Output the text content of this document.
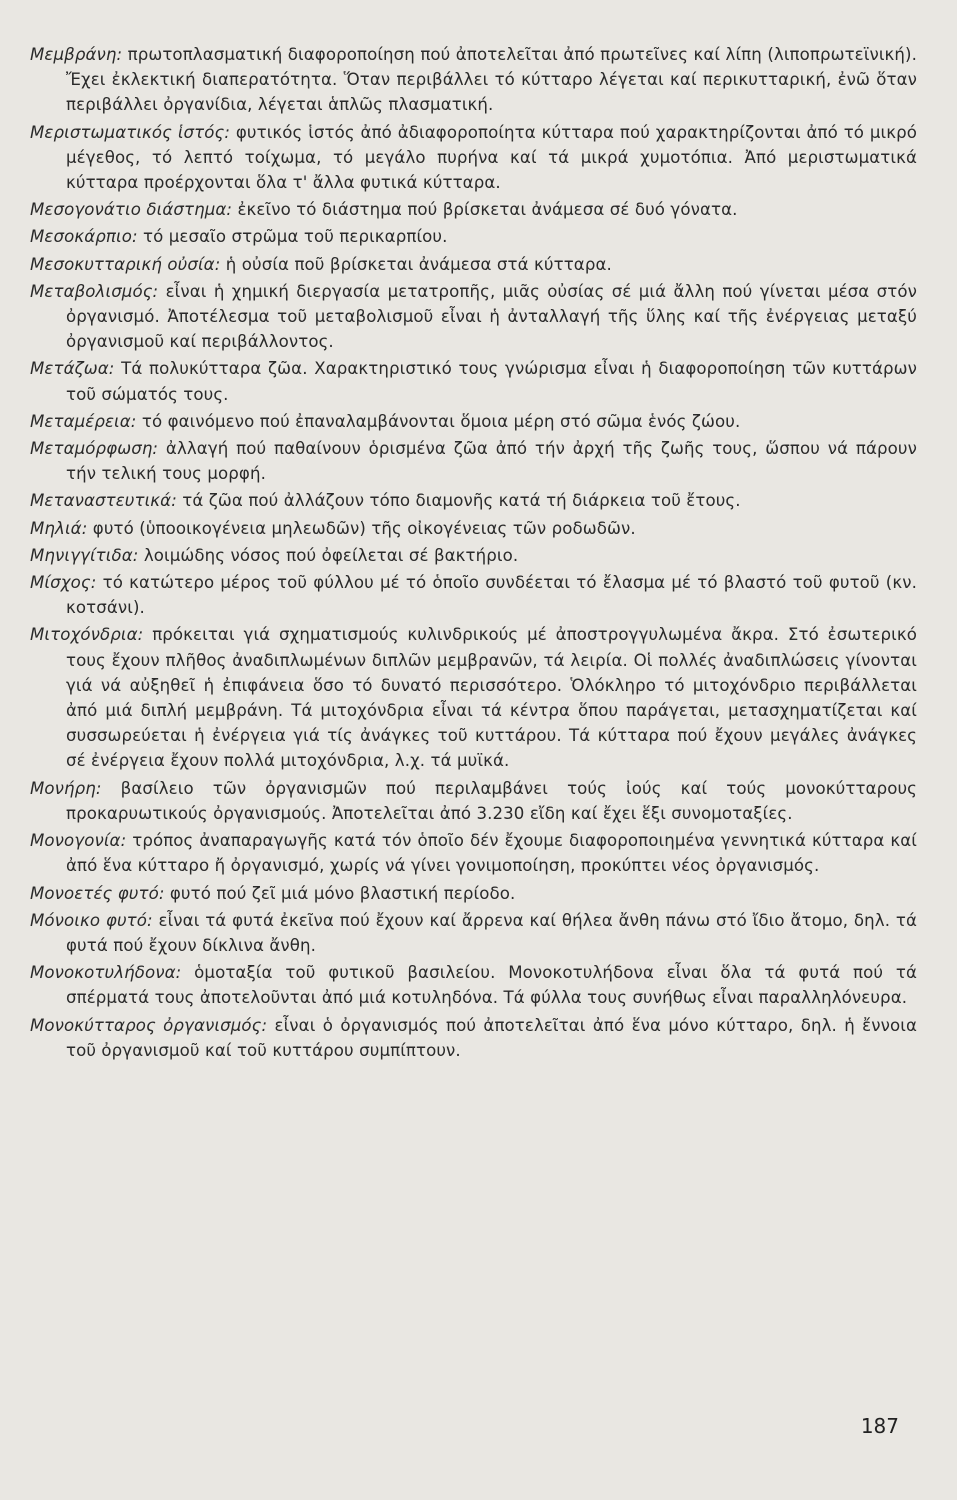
Μεμβράνη: πρωτοπλασματική διαφοροποίηση πού ἀποτελεῖται ἀπό πρωτεῖνες καί λίπη (λιποπρωτεϊνική). Ἔχει ἐκλεκτική διαπερατότητα. Ὅταν περιβάλλει τό κύτταρο λέγεται καί περικυτταρική, ἐνῶ ὅταν περιβάλλει ὀργανίδια, λέγεται ἁπλῶς πλασματική.

Μεριστωματικός ἱστός: φυτικός ἱστός ἀπό ἀδιαφοροποίητα κύτταρα πού χαρακτηρίζονται ἀπό τό μικρό μέγεθος, τό λεπτό τοίχωμα, τό μεγάλο πυρήνα καί τά μικρά χυμοτόπια. Ἀπό μεριστωματικά κύτταρα προέρχονται ὅλα τ' ἄλλα φυτικά κύτταρα.

Μεσογονάτιο διάστημα: ἐκεῖνο τό διάστημα πού βρίσκεται ἀνάμεσα σέ δυό γόνατα.

Μεσοκάρπιο: τό μεσαῖο στρῶμα τοῦ περικαρπίου.

Μεσοκυτταρική οὐσία: ἡ οὐσία ποῦ βρίσκεται ἀνάμεσα στά κύτταρα.

Μεταβολισμός: εἶναι ἡ χημική διεργασία μετατροπῆς, μιᾶς οὐσίας σέ μιά ἄλλη πού γίνεται μέσα στόν ὀργανισμό. Ἀποτέλεσμα τοῦ μεταβολισμοῦ εἶναι ἡ ἀνταλλαγή τῆς ὕλης καί τῆς ἐνέργειας μεταξύ ὀργανισμοῦ καί περιβάλλοντος.

Μετάζωα: Τά πολυκύτταρα ζῶα. Χαρακτηριστικό τους γνώρισμα εἶναι ἡ διαφοροποίηση τῶν κυττάρων τοῦ σώματός τους.

Μεταμέρεια: τό φαινόμενο πού ἐπαναλαμβάνονται ὅμοια μέρη στό σῶμα ἑνός ζώου.

Μεταμόρφωση: ἀλλαγή πού παθαίνουν ὁρισμένα ζῶα ἀπό τήν ἀρχή τῆς ζωῆς τους, ὥσπου νά πάρουν τήν τελική τους μορφή.

Μεταναστευτικά: τά ζῶα πού ἀλλάζουν τόπο διαμονῆς κατά τή διάρκεια τοῦ ἔτους.

Μηλιά: φυτό (ὑποοικογένεια μηλεωδῶν) τῆς οἰκογένειας τῶν ροδωδῶν.

Μηνιγγίτιδα: λοιμώδης νόσος πού ὀφείλεται σέ βακτήριο.

Μίσχος: τό κατώτερο μέρος τοῦ φύλλου μέ τό ὁποῖο συνδέεται τό ἔλασμα μέ τό βλαστό τοῦ φυτοῦ (κν. κοτσάνι).

Μιτοχόνδρια: πρόκειται γιά σχηματισμούς κυλινδρικούς μέ ἀποστρογγυλωμένα ἄκρα. Στό ἐσωτερικό τους ἔχουν πλῆθος ἀναδιπλωμένων διπλῶν μεμβρανῶν, τά λειρία. Οἱ πολλές ἀναδιπλώσεις γίνονται γιά νά αὐξηθεῖ ἡ ἐπιφάνεια ὅσο τό δυνατό περισσότερο. Ὁλόκληρο τό μιτοχόνδριο περιβάλλεται ἀπό μιά διπλή μεμβράνη. Τά μιτοχόνδρια εἶναι τά κέντρα ὅπου παράγεται, μετασχηματίζεται καί συσσωρεύεται ἡ ἐνέργεια γιά τίς ἀνάγκες τοῦ κυττάρου. Τά κύτταρα πού ἔχουν μεγάλες ἀνάγκες σέ ἐνέργεια ἔχουν πολλά μιτοχόνδρια, λ.χ. τά μυϊκά.

Μονήρη: βασίλειο τῶν ὀργανισμῶν πού περιλαμβάνει τούς ἰούς καί τούς μονοκύτταρους προκαρυωτικούς ὀργανισμούς. Ἀποτελεῖται ἀπό 3.230 εἴδη καί ἔχει ἕξι συνομοταξίες.

Μονογονία: τρόπος ἀναπαραγωγῆς κατά τόν ὁποῖο δέν ἔχουμε διαφοροποιημένα γεννητικά κύτταρα καί ἀπό ἕνα κύτταρο ἤ ὀργανισμό, χωρίς νά γίνει γονιμοποίηση, προκύπτει νέος ὀργανισμός.

Μονοετές φυτό: φυτό πού ζεῖ μιά μόνο βλαστική περίοδο.

Μόνοικο φυτό: εἶναι τά φυτά ἐκεῖνα πού ἔχουν καί ἄρρενα καί θήλεα ἄνθη πάνω στό ἴδιο ἄτομο, δηλ. τά φυτά πού ἔχουν δίκλινα ἄνθη.

Μονοκοτυλήδονα: ὁμοταξία τοῦ φυτικοῦ βασιλείου. Μονοκοτυλήδονα εἶναι ὅλα τά φυτά πού τά σπέρματά τους ἀποτελοῦνται ἀπό μιά κοτυληδόνα. Τά φύλλα τους συνήθως εἶναι παραλληλόνευρα.

Μονοκύτταρος ὀργανισμός: εἶναι ὁ ὀργανισμός πού ἀποτελεῖται ἀπό ἕνα μόνο κύτταρο, δηλ. ἡ ἔννοια τοῦ ὀργανισμοῦ καί τοῦ κυττάρου συμπίπτουν.

187
